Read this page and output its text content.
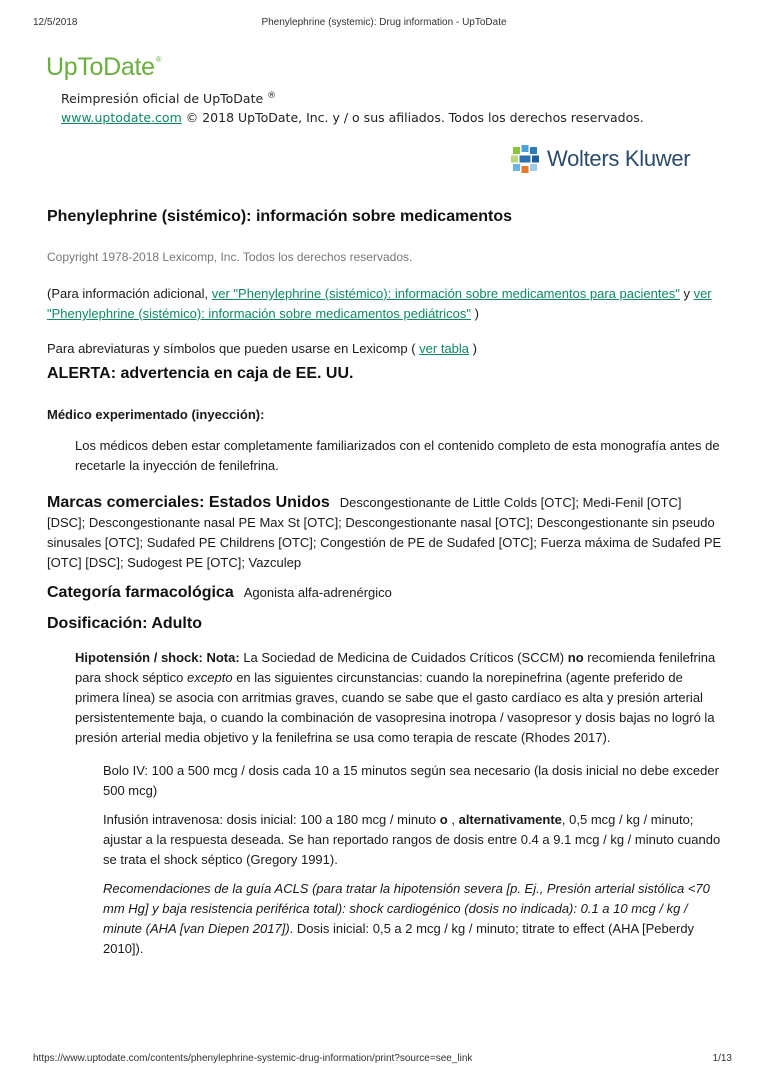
12/5/2018	Phenylephrine (systemic): Drug information - UpToDate
UpToDate®
Reimpresión oficial de UpToDate ®
www.uptodate.com © 2018 UpToDate, Inc. y / o sus afiliados. Todos los derechos reservados.
Wolters Kluwer
Phenylephrine (sistémico): información sobre medicamentos
Copyright 1978-2018 Lexicomp, Inc. Todos los derechos reservados.
(Para información adicional, ver "Phenylephrine (sistémico): información sobre medicamentos para pacientes" y ver "Phenylephrine (sistémico): información sobre medicamentos pediátricos" )
Para abreviaturas y símbolos que pueden usarse en Lexicomp ( ver tabla )
ALERTA: advertencia en caja de EE. UU.
Médico experimentado (inyección):
Los médicos deben estar completamente familiarizados con el contenido completo de esta monografía antes de recetarle la inyección de fenilefrina.
Marcas comerciales: Estados Unidos Descongestionante de Little Colds [OTC]; Medi-Fenil [OTC] [DSC]; Descongestionante nasal PE Max St [OTC]; Descongestionante nasal [OTC]; Descongestionante sin pseudo sinusales [OTC]; Sudafed PE Childrens [OTC]; Congestión de PE de Sudafed [OTC]; Fuerza máxima de Sudafed PE [OTC] [DSC]; Sudogest PE [OTC]; Vazculep
Categoría farmacológica Agonista alfa-adrenérgico
Dosificación: Adulto
Hipotensión / shock: Nota: La Sociedad de Medicina de Cuidados Críticos (SCCM) no recomienda fenilefrina para shock séptico excepto en las siguientes circunstancias: cuando la norepinefrina (agente preferido de primera línea) se asocia con arritmias graves, cuando se sabe que el gasto cardíaco es alta y presión arterial persistentemente baja, o cuando la combinación de vasopresina inotropa / vasopresor y dosis bajas no logró la presión arterial media objetivo y la fenilefrina se usa como terapia de rescate (Rhodes 2017).
Bolo IV: 100 a 500 mcg / dosis cada 10 a 15 minutos según sea necesario (la dosis inicial no debe exceder 500 mcg)
Infusión intravenosa: dosis inicial: 100 a 180 mcg / minuto o , alternativamente, 0,5 mcg / kg / minuto; ajustar a la respuesta deseada. Se han reportado rangos de dosis entre 0.4 a 9.1 mcg / kg / minuto cuando se trata el shock séptico (Gregory 1991).
Recomendaciones de la guía ACLS (para tratar la hipotensión severa [p. Ej., Presión arterial sistólica <70 mm Hg] y baja resistencia periférica total): shock cardiogénico (dosis no indicada): 0.1 a 10 mcg / kg / minute (AHA [van Diepen 2017]). Dosis inicial: 0,5 a 2 mcg / kg / minuto; titrate to effect (AHA [Peberdy 2010]).
https://www.uptodate.com/contents/phenylephrine-systemic-drug-information/print?source=see_link	1/13
